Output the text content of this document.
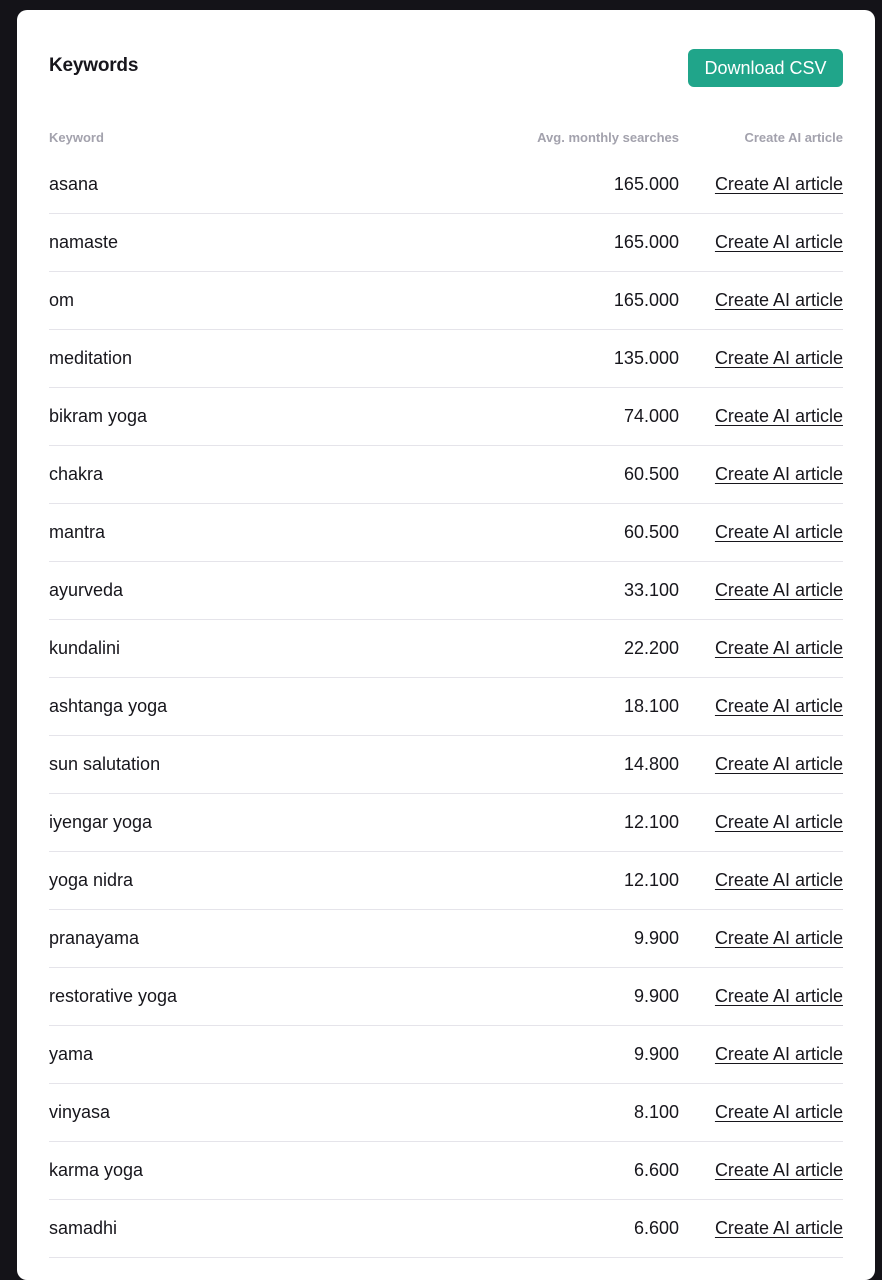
Keywords	Download CSV
Keyword	Avg. monthly searches	Create AI article
asana	165.000	Create AI article
namaste	165.000	Create AI article
om	165.000	Create AI article
meditation	135.000	Create AI article
bikram yoga	74.000	Create AI article
chakra	60.500	Create AI article
mantra	60.500	Create AI article
ayurveda	33.100	Create AI article
kundalini	22.200	Create AI article
ashtanga yoga	18.100	Create AI article
sun salutation	14.800	Create AI article
iyengar yoga	12.100	Create AI article
yoga nidra	12.100	Create AI article
pranayama	9.900	Create AI article
restorative yoga	9.900	Create AI article
yama	9.900	Create AI article
vinyasa	8.100	Create AI article
karma yoga	6.600	Create AI article
samadhi	6.600	Create AI article
